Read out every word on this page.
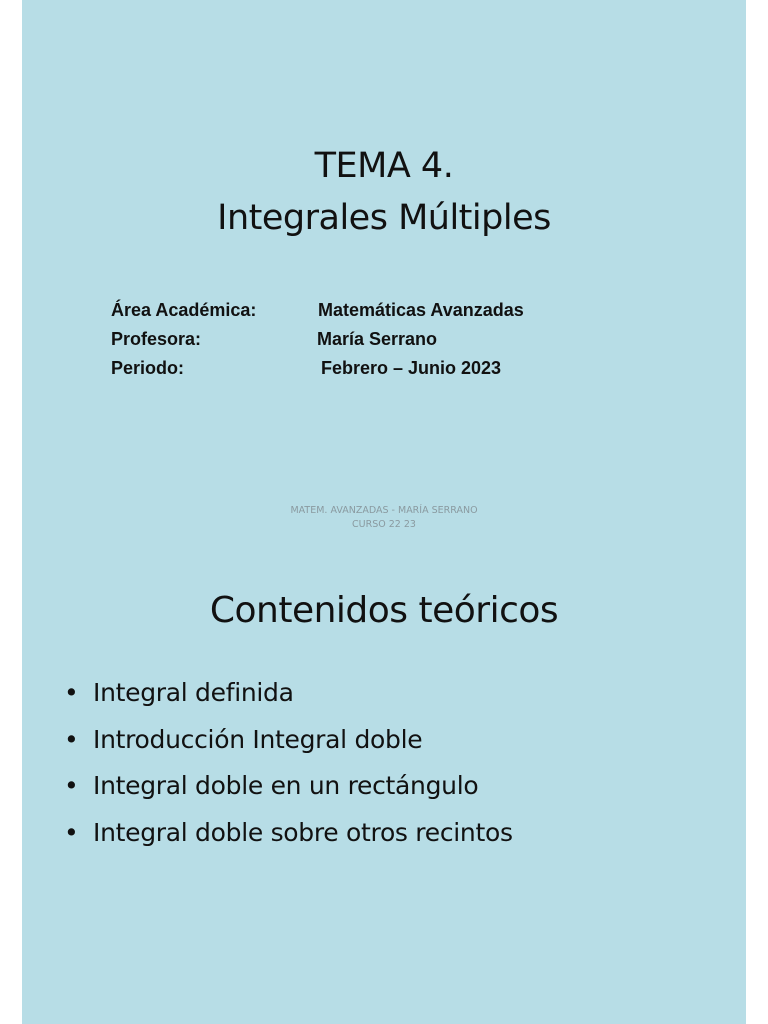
TEMA 4.
Integrales Múltiples
Área Académica:	Matemáticas Avanzadas
Profesora:	María Serrano
Periodo:	Febrero – Junio 2023
MATEM. AVANZADAS - MARÍA SERRANO
CURSO 22 23
Contenidos teóricos
• Integral definida
• Introducción Integral doble
• Integral doble en un rectángulo
• Integral doble sobre otros recintos
